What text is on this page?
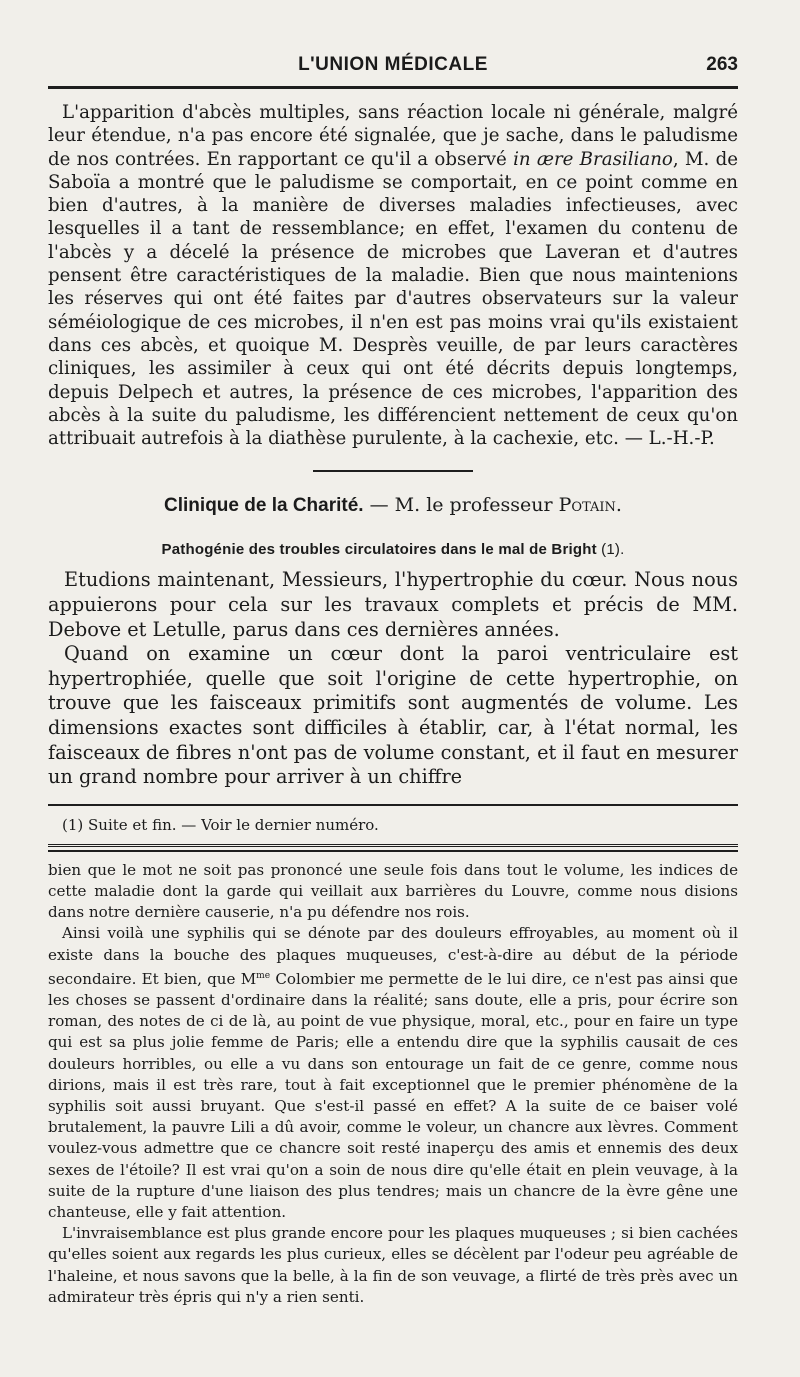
L'UNION MÉDICALE	263

L'apparition d'abcès multiples, sans réaction locale ni générale, malgré leur étendue, n'a pas encore été signalée, que je sache, dans le paludisme de nos contrées. En rapportant ce qu'il a observé in ære Brasiliano, M. de Saboïa a montré que le paludisme se comportait, en ce point comme en bien d'autres, à la manière de diverses maladies infectieuses, avec lesquelles il a tant de ressemblance; en effet, l'examen du contenu de l'abcès y a décelé la présence de microbes que Laveran et d'autres pensent être caractéristiques de la maladie. Bien que nous maintenions les réserves qui ont été faites par d'autres observateurs sur la valeur séméiologique de ces microbes, il n'en est pas moins vrai qu'ils existaient dans ces abcès, et quoique M. Desprès veuille, de par leurs caractères cliniques, les assimiler à ceux qui ont été décrits depuis longtemps, depuis Delpech et autres, la présence de ces microbes, l'apparition des abcès à la suite du paludisme, les différencient nettement de ceux qu'on attribuait autrefois à la diathèse purulente, à la cachexie, etc. — L.-H.-P.

Clinique de la Charité. — M. le professeur Potain.
Pathogénie des troubles circulatoires dans le mal de Bright (1).

Etudions maintenant, Messieurs, l'hypertrophie du cœur. Nous nous appuierons pour cela sur les travaux complets et précis de MM. Debove et Letulle, parus dans ces dernières années.

Quand on examine un cœur dont la paroi ventriculaire est hypertrophiée, quelle que soit l'origine de cette hypertrophie, on trouve que les faisceaux primitifs sont augmentés de volume. Les dimensions exactes sont difficiles à établir, car, à l'état normal, les faisceaux de fibres n'ont pas de volume constant, et il faut en mesurer un grand nombre pour arriver à un chiffre

(1) Suite et fin. — Voir le dernier numéro.

bien que le mot ne soit pas prononcé une seule fois dans tout le volume, les indices de cette maladie dont la garde qui veillait aux barrières du Louvre, comme nous disions dans notre dernière causerie, n'a pu défendre nos rois.

Ainsi voilà une syphilis qui se dénote par des douleurs effroyables, au moment où il existe dans la bouche des plaques muqueuses, c'est-à-dire au début de la période secondaire. Et bien, que $M^{me}$ Colombier me permette de le lui dire, ce n'est pas ainsi que les choses se passent d'ordinaire dans la réalité; sans doute, elle a pris, pour écrire son roman, des notes de ci de là, au point de vue physique, moral, etc., pour en faire un type qui est sa plus jolie femme de Paris; elle a entendu dire que la syphilis causait de ces douleurs horribles, ou elle a vu dans son entourage un fait de ce genre, comme nous dirions, mais il est très rare, tout à fait exceptionnel que le premier phénomène de la syphilis soit aussi bruyant. Que s'est-il passé en effet? A la suite de ce baiser volé brutalement, la pauvre Lili a dû avoir, comme le voleur, un chancre aux lèvres. Comment voulez-vous admettre que ce chancre soit resté inaperçu des amis et ennemis des deux sexes de l'étoile? Il est vrai qu'on a soin de nous dire qu'elle était en plein veuvage, à la suite de la rupture d'une liaison des plus tendres; mais un chancre de la èvre gêne une chanteuse, elle y fait attention.

L'invraisemblance est plus grande encore pour les plaques muqueuses ; si bien cachées qu'elles soient aux regards les plus curieux, elles se décèlent par l'odeur peu agréable de l'haleine, et nous savons que la belle, à la fin de son veuvage, a flirté de très près avec un admirateur très épris qui n'y a rien senti.
